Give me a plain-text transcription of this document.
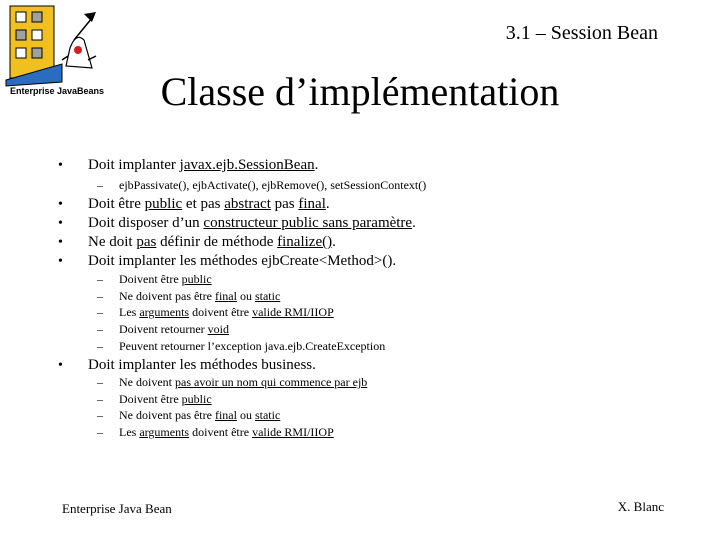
Enterprise JavaBeans
3.1 – Session Bean
Classe d’implémentation
• Doit implanter javax.ejb.SessionBean.
– ejbPassivate(), ejbActivate(), ejbRemove(), setSessionContext()
• Doit être public et pas abstract pas final.
• Doit disposer d’un constructeur public sans paramètre.
• Ne doit pas définir de méthode finalize().
• Doit implanter les méthodes ejbCreate<Method>().
– Doivent être public
– Ne doivent pas être final ou static
– Les arguments doivent être valide RMI/IIOP
– Doivent retourner void
– Peuvent retourner l’exception java.ejb.CreateException
• Doit implanter les méthodes business.
– Ne doivent pas avoir un nom qui commence par ejb
– Doivent être public
– Ne doivent pas être final ou static
– Les arguments doivent être valide RMI/IIOP
Enterprise Java Bean	X. Blanc
